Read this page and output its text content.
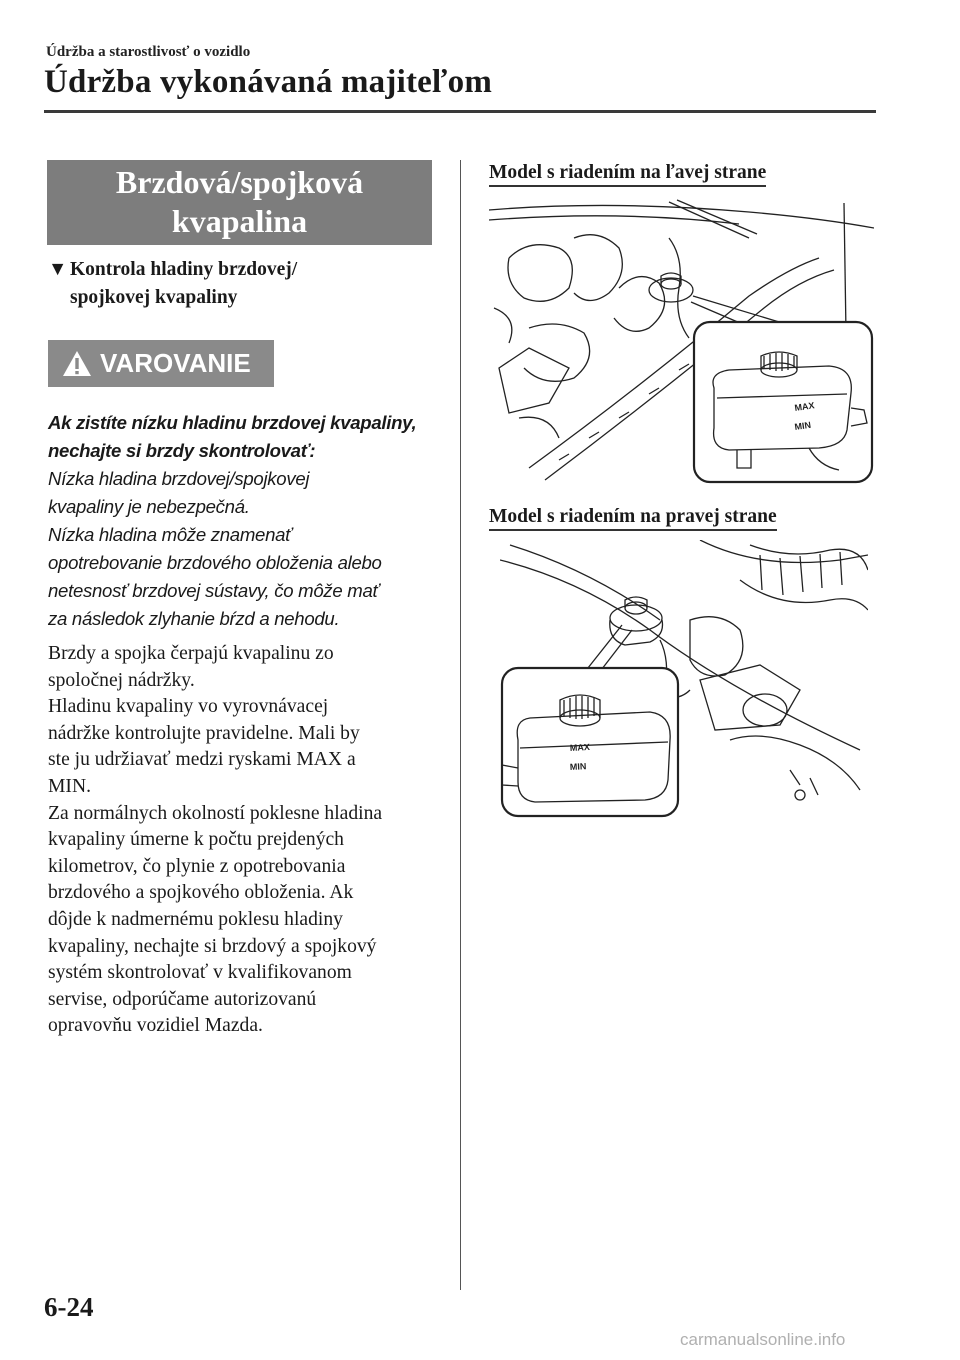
Údržba a starostlivosť o vozidlo
Údržba vykonávaná majiteľom
Brzdová/spojková
kvapalina
▼ Kontrola hladiny brzdovej/
spojkovej kvapaliny
VAROVANIE
Ak zistíte nízku hladinu brzdovej kvapaliny,
nechajte si brzdy skontrolovať:
Nízka hladina brzdovej/spojkovej
kvapaliny je nebezpečná.
Nízka hladina môže znamenať
opotrebovanie brzdového obloženia alebo
netesnosť brzdovej sústavy, čo môže mať
za následok zlyhanie bŕzd a nehodu.
Brzdy a spojka čerpajú kvapalinu zo
spoločnej nádržky.
Hladinu kvapaliny vo vyrovnávacej
nádržke kontrolujte pravidelne. Mali by
ste ju udržiavať medzi ryskami MAX a
MIN.
Za normálnych okolností poklesne hladina
kvapaliny úmerne k počtu prejdených
kilometrov, čo plynie z opotrebovania
brzdového a spojkového obloženia. Ak
dôjde k nadmernému poklesu hladiny
kvapaliny, nechajte si brzdový a spojkový
systém skontrolovať v kvalifikovanom
servise, odporúčame autorizovanú
opravovňu vozidiel Mazda.
Model s riadením na ľavej strane
MAX
MIN
Model s riadením na pravej strane
MAX
MIN
6-24
carmanualsonline.info
